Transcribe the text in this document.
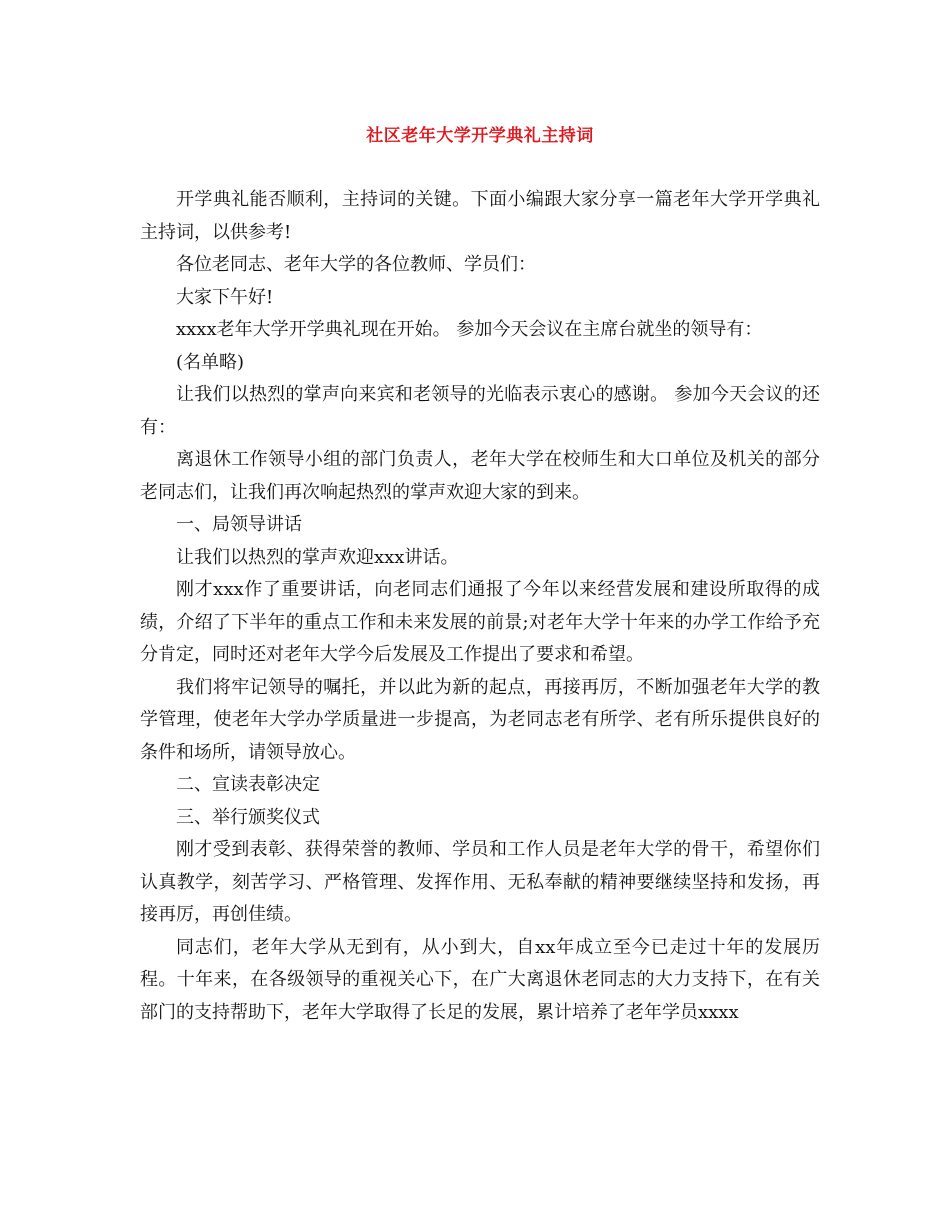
社区老年大学开学典礼主持词

开学典礼能否顺利，主持词的关键。下面小编跟大家分享一篇老年大学开学典礼主持词，以供参考!

各位老同志、老年大学的各位教师、学员们：

大家下午好!

xxxx老年大学开学典礼现在开始。 参加今天会议在主席台就坐的领导有：

(名单略)

让我们以热烈的掌声向来宾和老领导的光临表示衷心的感谢。 参加今天会议的还有：

离退休工作领导小组的部门负责人，老年大学在校师生和大口单位及机关的部分老同志们，让我们再次响起热烈的掌声欢迎大家的到来。

一、局领导讲话

让我们以热烈的掌声欢迎xxx讲话。

刚才xxx作了重要讲话，向老同志们通报了今年以来经营发展和建设所取得的成绩，介绍了下半年的重点工作和未来发展的前景;对老年大学十年来的办学工作给予充分肯定，同时还对老年大学今后发展及工作提出了要求和希望。

我们将牢记领导的嘱托，并以此为新的起点，再接再厉，不断加强老年大学的教学管理，使老年大学办学质量进一步提高，为老同志老有所学、老有所乐提供良好的条件和场所，请领导放心。

二、宣读表彰决定

三、举行颁奖仪式

刚才受到表彰、获得荣誉的教师、学员和工作人员是老年大学的骨干，希望你们认真教学，刻苦学习、严格管理、发挥作用、无私奉献的精神要继续坚持和发扬，再接再厉，再创佳绩。

同志们，老年大学从无到有，从小到大，自xx年成立至今已走过十年的发展历程。十年来，在各级领导的重视关心下，在广大离退休老同志的大力支持下，在有关部门的支持帮助下，老年大学取得了长足的发展，累计培养了老年学员xxxx
